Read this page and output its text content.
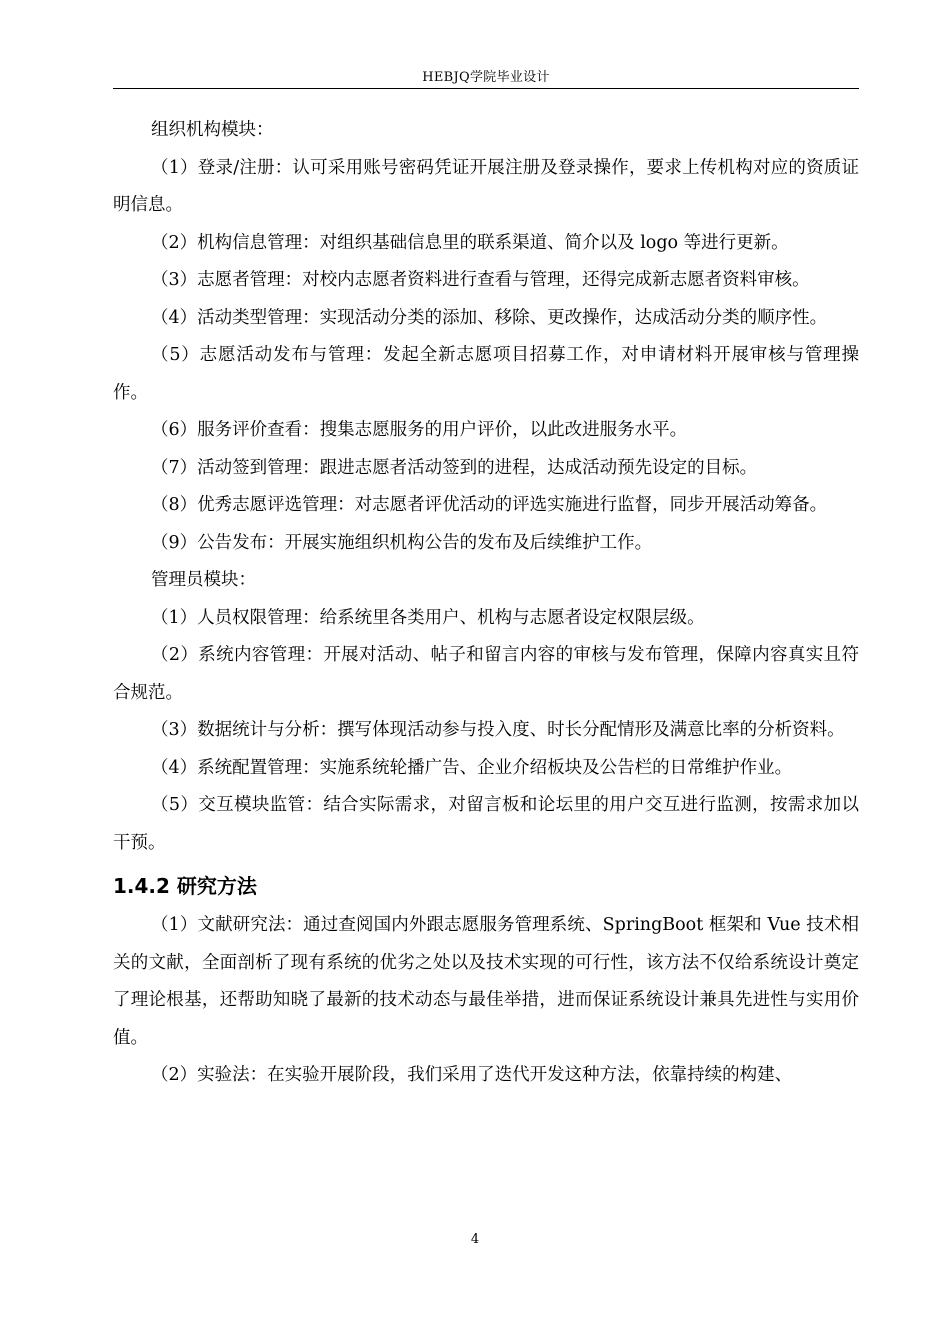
HEBJQ学院毕业设计

组织机构模块：

（1）登录/注册：认可采用账号密码凭证开展注册及登录操作，要求上传机构对应的资质证明信息。

（2）机构信息管理：对组织基础信息里的联系渠道、简介以及 logo 等进行更新。

（3）志愿者管理：对校内志愿者资料进行查看与管理，还得完成新志愿者资料审核。

（4）活动类型管理：实现活动分类的添加、移除、更改操作，达成活动分类的顺序性。

（5）志愿活动发布与管理：发起全新志愿项目招募工作，对申请材料开展审核与管理操作。

（6）服务评价查看：搜集志愿服务的用户评价，以此改进服务水平。

（7）活动签到管理：跟进志愿者活动签到的进程，达成活动预先设定的目标。

（8）优秀志愿评选管理：对志愿者评优活动的评选实施进行监督，同步开展活动筹备。

（9）公告发布：开展实施组织机构公告的发布及后续维护工作。

管理员模块：

（1）人员权限管理：给系统里各类用户、机构与志愿者设定权限层级。

（2）系统内容管理：开展对活动、帖子和留言内容的审核与发布管理，保障内容真实且符合规范。

（3）数据统计与分析：撰写体现活动参与投入度、时长分配情形及满意比率的分析资料。

（4）系统配置管理：实施系统轮播广告、企业介绍板块及公告栏的日常维护作业。

（5）交互模块监管：结合实际需求，对留言板和论坛里的用户交互进行监测，按需求加以干预。

1.4.2 研究方法

（1）文献研究法：通过查阅国内外跟志愿服务管理系统、SpringBoot 框架和 Vue 技术相关的文献，全面剖析了现有系统的优劣之处以及技术实现的可行性，该方法不仅给系统设计奠定了理论根基，还帮助知晓了最新的技术动态与最佳举措，进而保证系统设计兼具先进性与实用价值。

（2）实验法：在实验开展阶段，我们采用了迭代开发这种方法，依靠持续的构建、

4
